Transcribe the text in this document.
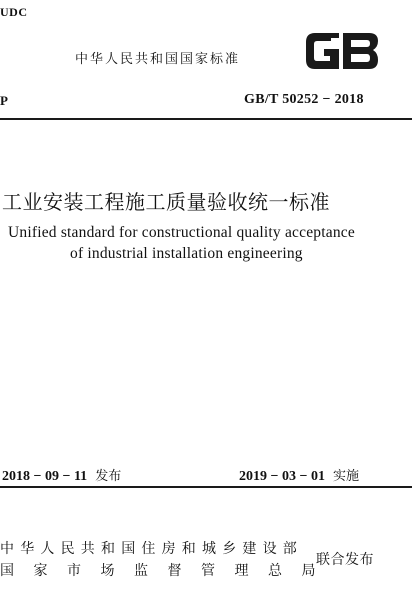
UDC
中华人民共和国国家标准
P	GB/T 50252 − 2018
工业安装工程施工质量验收统一标准
Unified standard for constructional quality acceptance
of industrial installation engineering
2018 − 09 − 11 发布	2019 − 03 − 01 实施
中华人民共和国住房和城乡建设部
国家市场监督管理总局
联合发布
